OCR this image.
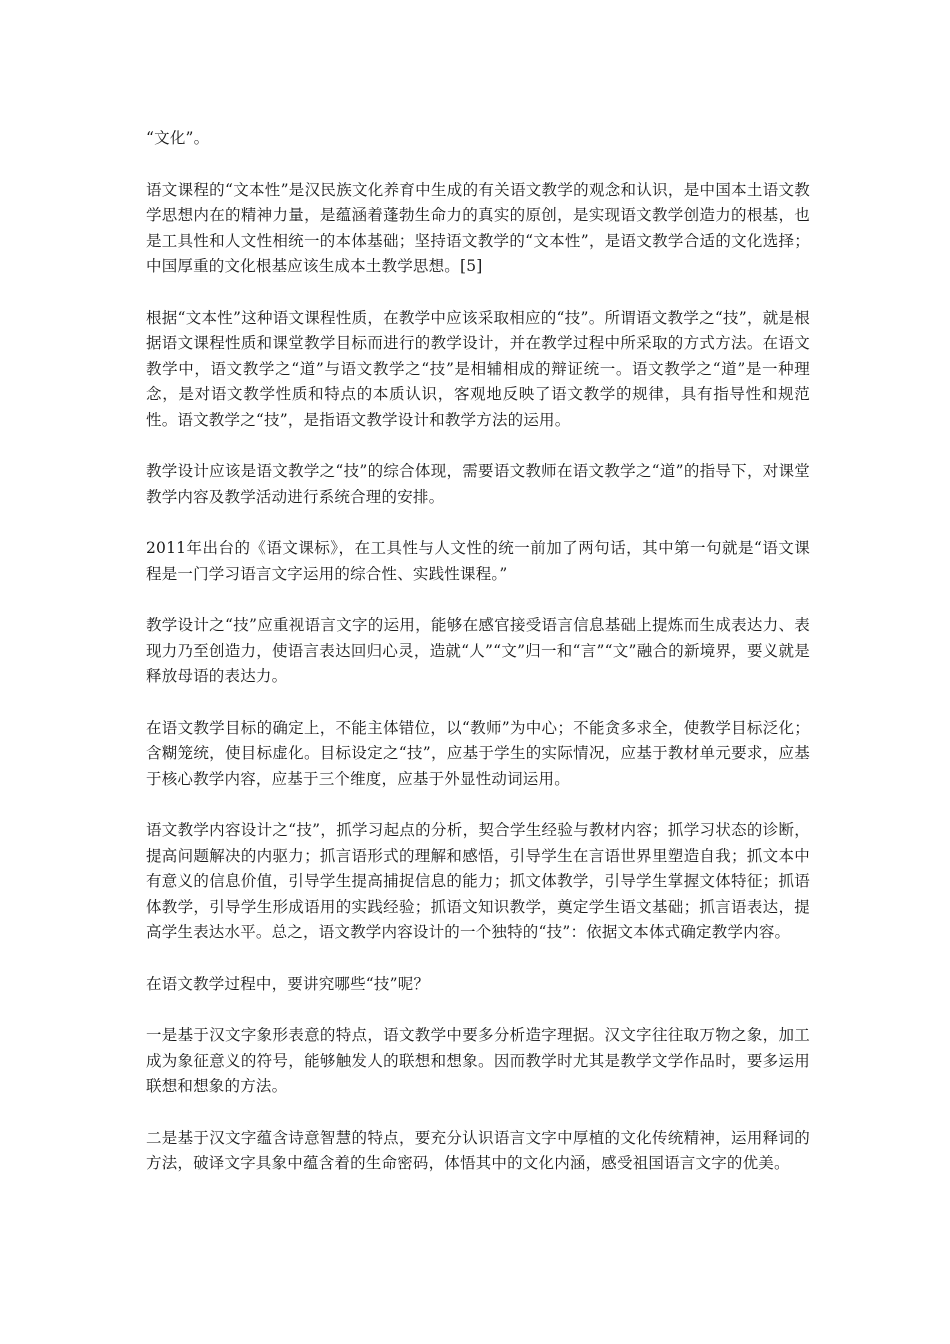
“文化”。

语文课程的“文本性”是汉民族文化养育中生成的有关语文教学的观念和认识，是中国本土语文教学思想内在的精神力量，是蕴涵着蓬勃生命力的真实的原创，是实现语文教学创造力的根基，也是工具性和人文性相统一的本体基础；坚持语文教学的“文本性”，是语文教学合适的文化选择；中国厚重的文化根基应该生成本土教学思想。[5]

根据“文本性”这种语文课程性质，在教学中应该采取相应的“技”。所谓语文教学之“技”，就是根据语文课程性质和课堂教学目标而进行的教学设计，并在教学过程中所采取的方式方法。在语文教学中，语文教学之“道”与语文教学之“技”是相辅相成的辩证统一。语文教学之“道”是一种理念，是对语文教学性质和特点的本质认识，客观地反映了语文教学的规律，具有指导性和规范性。语文教学之“技”，是指语文教学设计和教学方法的运用。

教学设计应该是语文教学之“技”的综合体现，需要语文教师在语文教学之“道”的指导下，对课堂教学内容及教学活动进行系统合理的安排。

2011年出台的《语文课标》，在工具性与人文性的统一前加了两句话，其中第一句就是“语文课程是一门学习语言文字运用的综合性、实践性课程。”

教学设计之“技”应重视语言文字的运用，能够在感官接受语言信息基础上提炼而生成表达力、表现力乃至创造力，使语言表达回归心灵，造就“人”“文”归一和“言”“文”融合的新境界，要义就是释放母语的表达力。

在语文教学目标的确定上，不能主体错位，以“教师”为中心；不能贪多求全，使教学目标泛化；含糊笼统，使目标虚化。目标设定之“技”，应基于学生的实际情况，应基于教材单元要求，应基于核心教学内容，应基于三个维度，应基于外显性动词运用。

语文教学内容设计之“技”，抓学习起点的分析，契合学生经验与教材内容；抓学习状态的诊断，提高问题解决的内驱力；抓言语形式的理解和感悟，引导学生在言语世界里塑造自我；抓文本中有意义的信息价值，引导学生提高捕捉信息的能力；抓文体教学，引导学生掌握文体特征；抓语体教学，引导学生形成语用的实践经验；抓语文知识教学，奠定学生语文基础；抓言语表达，提高学生表达水平。总之，语文教学内容设计的一个独特的“技”：依据文本体式确定教学内容。

在语文教学过程中，要讲究哪些“技”呢？

一是基于汉文字象形表意的特点，语文教学中要多分析造字理据。汉文字往往取万物之象，加工成为象征意义的符号，能够触发人的联想和想象。因而教学时尤其是教学文学作品时，要多运用联想和想象的方法。

二是基于汉文字蕴含诗意智慧的特点，要充分认识语言文字中厚植的文化传统精神，运用释词的方法，破译文字具象中蕴含着的生命密码，体悟其中的文化内涵，感受祖国语言文字的优美。
